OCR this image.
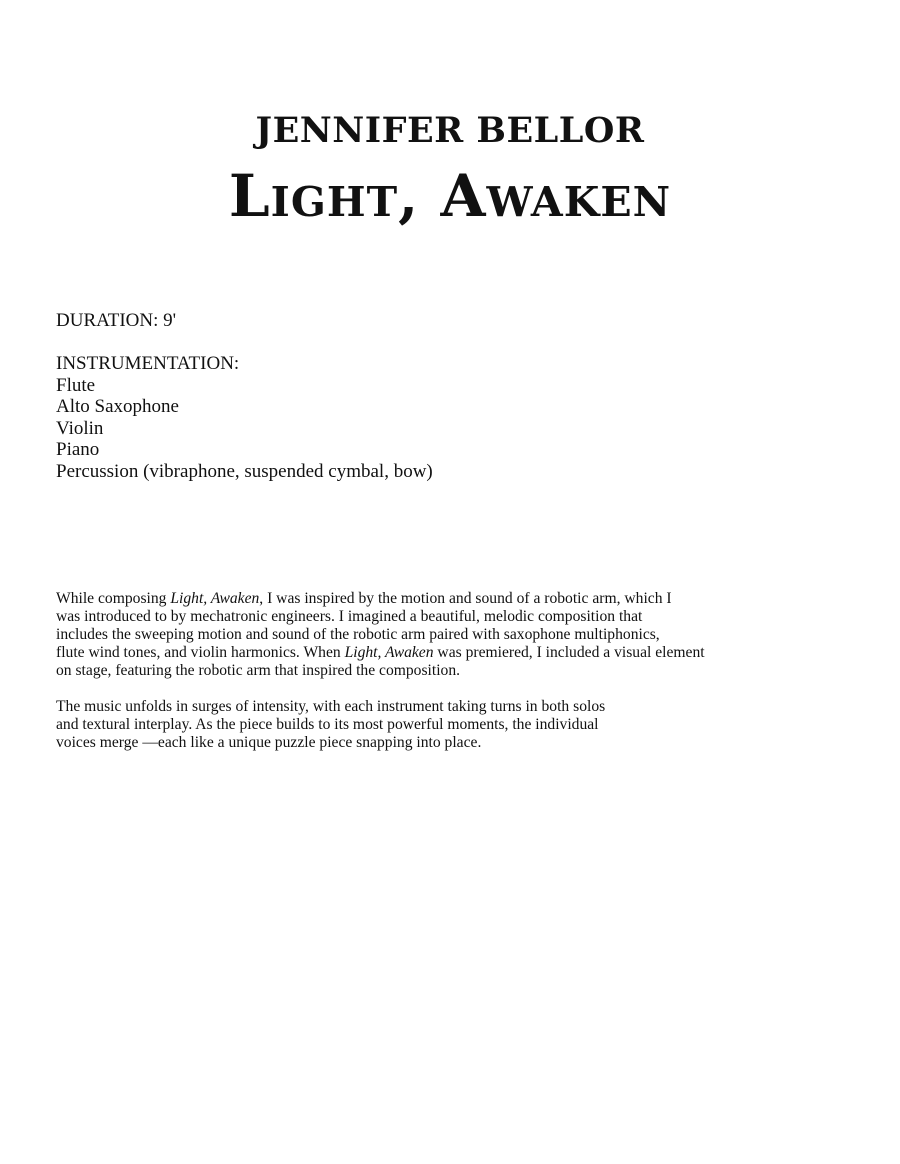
JENNIFER BELLOR
Light, Awaken
DURATION: 9'
INSTRUMENTATION:
Flute
Alto Saxophone
Violin
Piano
Percussion (vibraphone, suspended cymbal, bow)
While composing Light, Awaken, I was inspired by the motion and sound of a robotic arm, which I
was introduced to by mechatronic engineers. I imagined a beautiful, melodic composition that
includes the sweeping motion and sound of the robotic arm paired with saxophone multiphonics,
flute wind tones, and violin harmonics. When Light, Awaken was premiered, I included a visual element
on stage, featuring the robotic arm that inspired the composition.
The music unfolds in surges of intensity, with each instrument taking turns in both solos
and textural interplay. As the piece builds to its most powerful moments, the individual
voices merge —each like a unique puzzle piece snapping into place.
